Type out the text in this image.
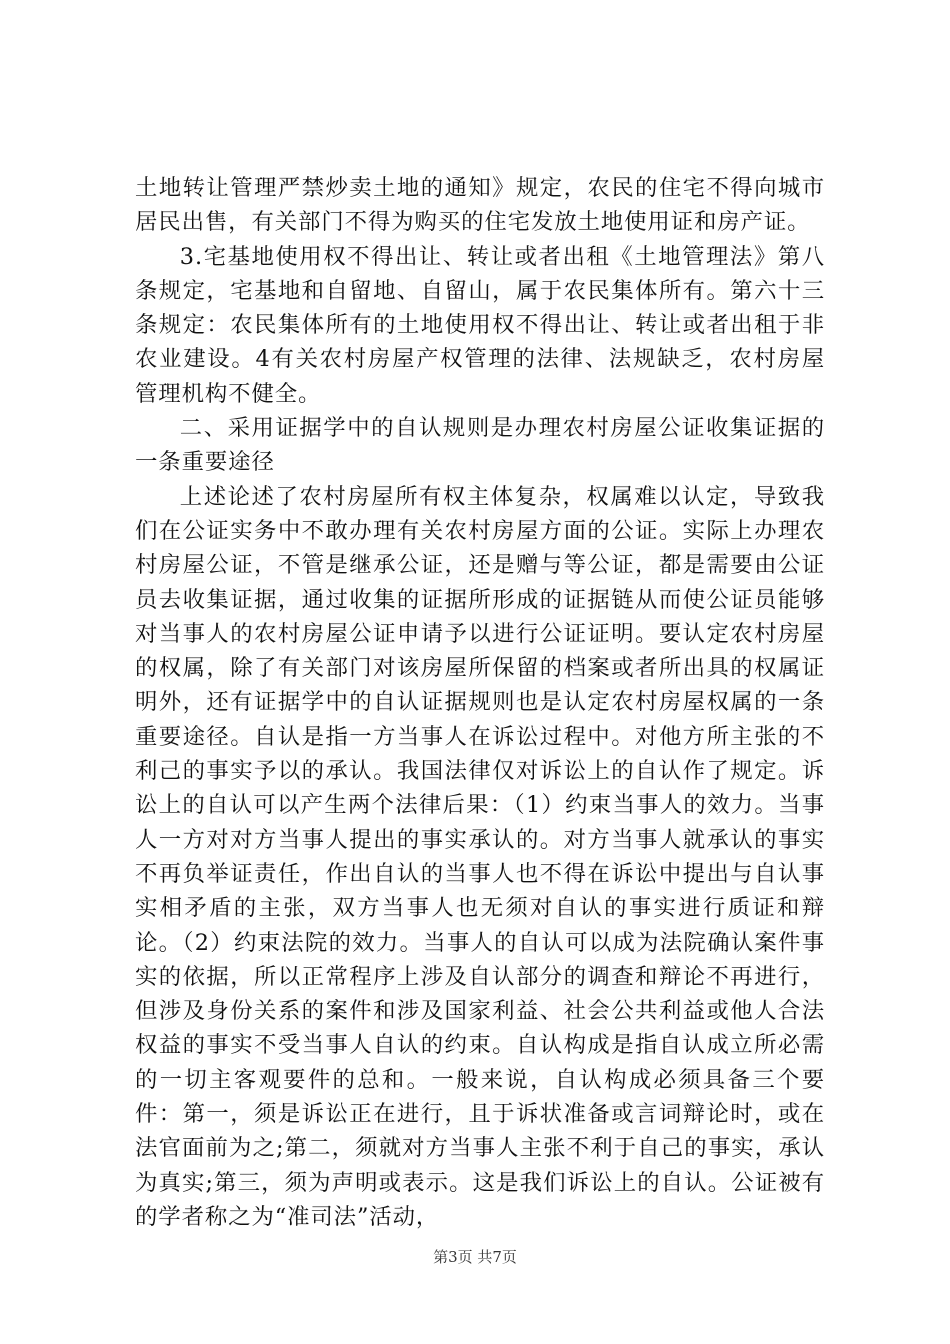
土地转让管理严禁炒卖土地的通知》规定，农民的住宅不得向城市居民出售，有关部门不得为购买的住宅发放土地使用证和房产证。

3.宅基地使用权不得出让、转让或者出租《土地管理法》第八条规定，宅基地和自留地、自留山，属于农民集体所有。第六十三条规定：农民集体所有的土地使用权不得出让、转让或者出租于非农业建设。4有关农村房屋产权管理的法律、法规缺乏，农村房屋管理机构不健全。

二、采用证据学中的自认规则是办理农村房屋公证收集证据的一条重要途径

上述论述了农村房屋所有权主体复杂，权属难以认定，导致我们在公证实务中不敢办理有关农村房屋方面的公证。实际上办理农村房屋公证，不管是继承公证，还是赠与等公证，都是需要由公证员去收集证据，通过收集的证据所形成的证据链从而使公证员能够对当事人的农村房屋公证申请予以进行公证证明。要认定农村房屋的权属，除了有关部门对该房屋所保留的档案或者所出具的权属证明外，还有证据学中的自认证据规则也是认定农村房屋权属的一条重要途径。自认是指一方当事人在诉讼过程中。对他方所主张的不利己的事实予以的承认。我国法律仅对诉讼上的自认作了规定。诉讼上的自认可以产生两个法律后果：（1）约束当事人的效力。当事人一方对对方当事人提出的事实承认的。对方当事人就承认的事实不再负举证责任，作出自认的当事人也不得在诉讼中提出与自认事实相矛盾的主张，双方当事人也无须对自认的事实进行质证和辩论。（2）约束法院的效力。当事人的自认可以成为法院确认案件事实的依据，所以正常程序上涉及自认部分的调查和辩论不再进行，但涉及身份关系的案件和涉及国家利益、社会公共利益或他人合法权益的事实不受当事人自认的约束。自认构成是指自认成立所必需的一切主客观要件的总和。一般来说，自认构成必须具备三个要件：第一，须是诉讼正在进行，且于诉状准备或言词辩论时，或在法官面前为之;第二，须就对方当事人主张不利于自己的事实，承认为真实;第三，须为声明或表示。这是我们诉讼上的自认。公证被有的学者称之为“准司法”活动，

第3页 共7页
